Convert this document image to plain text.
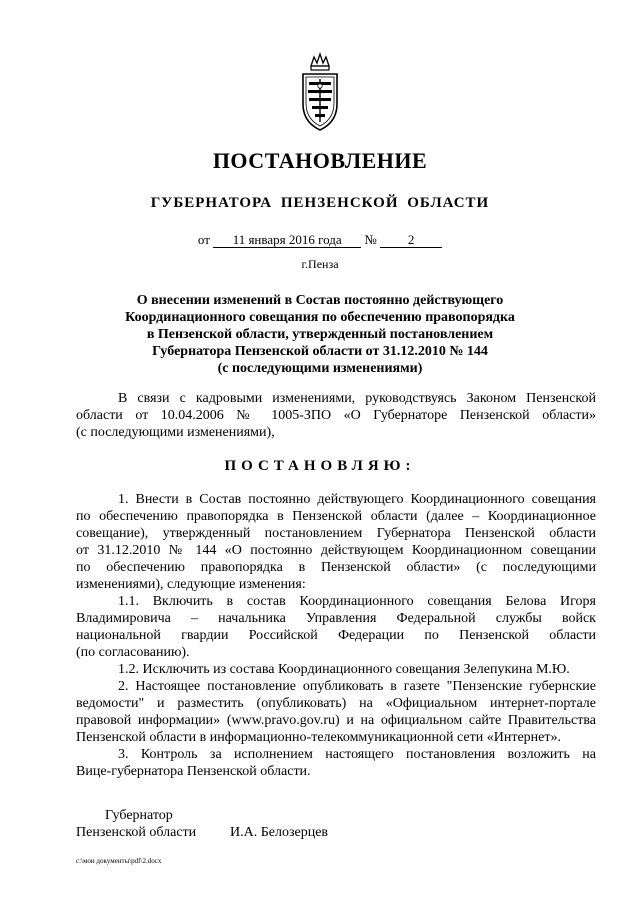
ПОСТАНОВЛЕНИЕ
ГУБЕРНАТОРА ПЕНЗЕНСКОЙ ОБЛАСТИ
от 11 января 2016 года № 2
г.Пенза
О внесении изменений в Состав постоянно действующего
Координационного совещания по обеспечению правопорядка
в Пензенской области, утвержденный постановлением
Губернатора Пензенской области от 31.12.2010 № 144
(с последующими изменениями)
В связи с кадровыми изменениями, руководствуясь Законом Пензенской
области от 10.04.2006 № 1005-ЗПО «О Губернаторе Пензенской области»
(с последующими изменениями),
ПОСТАНОВЛЯЮ:
1. Внести в Состав постоянно действующего Координационного совещания
по обеспечению правопорядка в Пензенской области (далее – Координационное
совещание), утвержденный постановлением Губернатора Пензенской области
от 31.12.2010 № 144 «О постоянно действующем Координационном совещании
по обеспечению правопорядка в Пензенской области» (с последующими
изменениями), следующие изменения:
1.1. Включить в состав Координационного совещания Белова Игоря
Владимировича – начальника Управления Федеральной службы войск
национальной гвардии Российской Федерации по Пензенской области
(по согласованию).
1.2. Исключить из состава Координационного совещания Зелепукина М.Ю.
2. Настоящее постановление опубликовать в газете "Пензенские губернские
ведомости" и разместить (опубликовать) на «Официальном интернет-портале
правовой информации» (www.pravo.gov.ru) и на официальном сайте Правительства
Пензенской области в информационно-телекоммуникационной сети «Интернет».
3. Контроль за исполнением настоящего постановления возложить на
Вице-губернатора Пензенской области.
Губернатор
Пензенской области И.А. Белозерцев
c:\мои документы\pdf\2.docx
